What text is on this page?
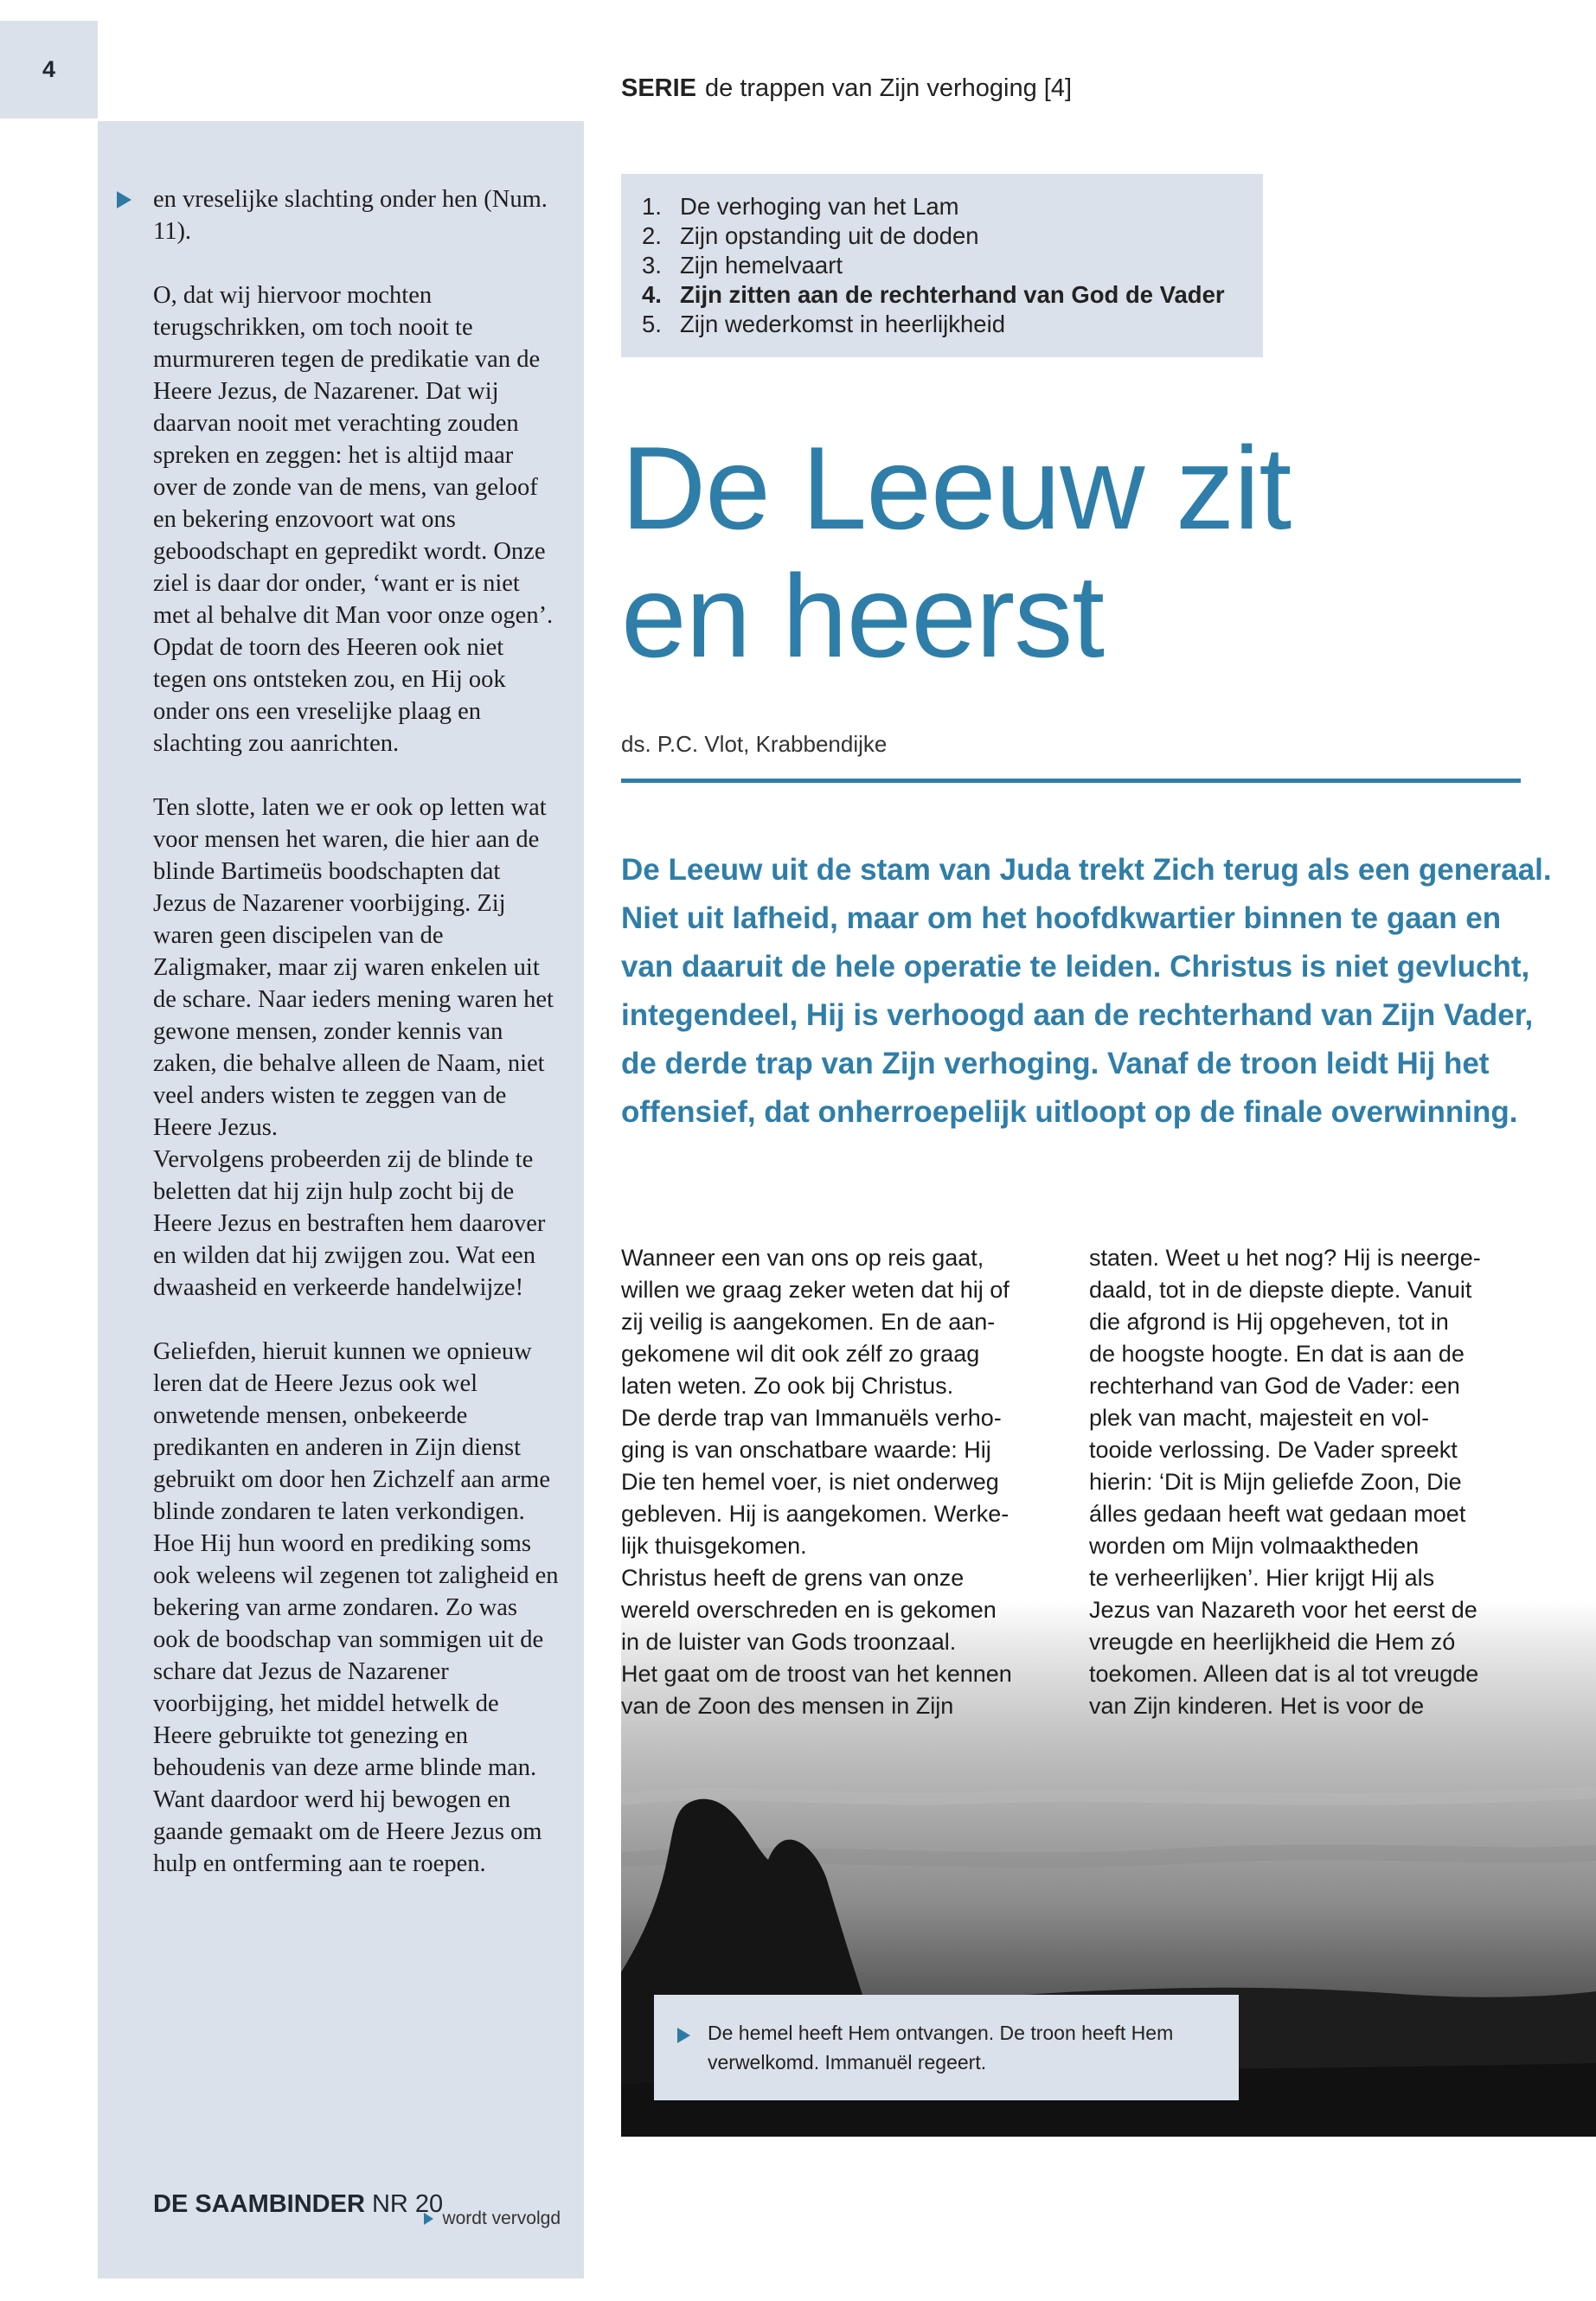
4
SERIE de trappen van Zijn verhoging [4]

en vreselijke slachting onder hen (Num. 11).

O, dat wij hiervoor mochten terugschrikken, om toch nooit te murmureren tegen de predikatie van de Heere Jezus, de Nazarener. Dat wij daarvan nooit met verachting zouden spreken en zeggen: het is altijd maar over de zonde van de mens, van geloof en bekering enzovoort wat ons geboodschapt en gepredikt wordt. Onze ziel is daar dor onder, ‘want er is niet met al behalve dit Man voor onze ogen’. Opdat de toorn des Heeren ook niet tegen ons ontsteken zou, en Hij ook onder ons een vreselijke plaag en slachting zou aanrichten.

Ten slotte, laten we er ook op letten wat voor mensen het waren, die hier aan de blinde Bartimeüs boodschapten dat Jezus de Nazarener voorbijging. Zij waren geen discipelen van de Zaligmaker, maar zij waren enkelen uit de schare. Naar ieders mening waren het gewone mensen, zonder kennis van zaken, die behalve alleen de Naam, niet veel anders wisten te zeggen van de Heere Jezus.

Vervolgens probeerden zij de blinde te beletten dat hij zijn hulp zocht bij de Heere Jezus en bestraften hem daarover en wilden dat hij zwijgen zou. Wat een dwaasheid en verkeerde handelwijze!

Geliefden, hieruit kunnen we opnieuw leren dat de Heere Jezus ook wel onwetende mensen, onbekeerde predikanten en anderen in Zijn dienst gebruikt om door hen Zichzelf aan arme blinde zondaren te laten verkondigen. Hoe Hij hun woord en prediking soms ook weleens wil zegenen tot zaligheid en bekering van arme zondaren. Zo was ook de boodschap van sommigen uit de schare dat Jezus de Nazarener voorbijging, het middel hetwelk de Heere gebruikte tot genezing en behoudenis van deze arme blinde man. Want daardoor werd hij bewogen en gaande gemaakt om de Heere Jezus om hulp en ontferming aan te roepen.

wordt vervolgd
DE SAAMBINDER NR 20
1. De verhoging van het Lam
2. Zijn opstanding uit de doden
3. Zijn hemelvaart
4. Zijn zitten aan de rechterhand van God de Vader
5. Zijn wederkomst in heerlijkheid
De Leeuw zit
en heerst
ds. P.C. Vlot, Krabbendijke
De Leeuw uit de stam van Juda trekt Zich terug als een generaal. Niet uit lafheid, maar om het hoofdkwartier binnen te gaan en van daaruit de hele operatie te leiden. Christus is niet gevlucht, integendeel, Hij is verhoogd aan de rechterhand van Zijn Vader, de derde trap van Zijn verhoging. Vanaf de troon leidt Hij het offensief, dat onherroepelijk uitloopt op de finale overwinning.

Wanneer een van ons op reis gaat,

willen we graag zeker weten dat hij of

zij veilig is aangekomen. En de aan-

gekomene wil dit ook zélf zo graag

laten weten. Zo ook bij Christus.

De derde trap van Immanuëls verho-

ging is van onschatbare waarde: Hij

Die ten hemel voer, is niet onderweg

gebleven. Hij is aangekomen. Werke-

lijk thuisgekomen.

Christus heeft de grens van onze

wereld overschreden en is gekomen

in de luister van Gods troonzaal.

Het gaat om de troost van het kennen

van de Zoon des mensen in Zijn

staten. Weet u het nog? Hij is neerge-

daald, tot in de diepste diepte. Vanuit

die afgrond is Hij opgeheven, tot in

de hoogste hoogte. En dat is aan de

rechterhand van God de Vader: een

plek van macht, majesteit en vol-

tooide verlossing. De Vader spreekt

hierin: ‘Dit is Mijn geliefde Zoon, Die

álles gedaan heeft wat gedaan moet

worden om Mijn volmaaktheden

te verheerlijken’. Hier krijgt Hij als

Jezus van Nazareth voor het eerst de

vreugde en heerlijkheid die Hem zó

toekomen. Alleen dat is al tot vreugde

van Zijn kinderen. Het is voor de

De hemel heeft Hem ontvangen. De troon heeft Hem verwelkomd. Immanuël regeert.
